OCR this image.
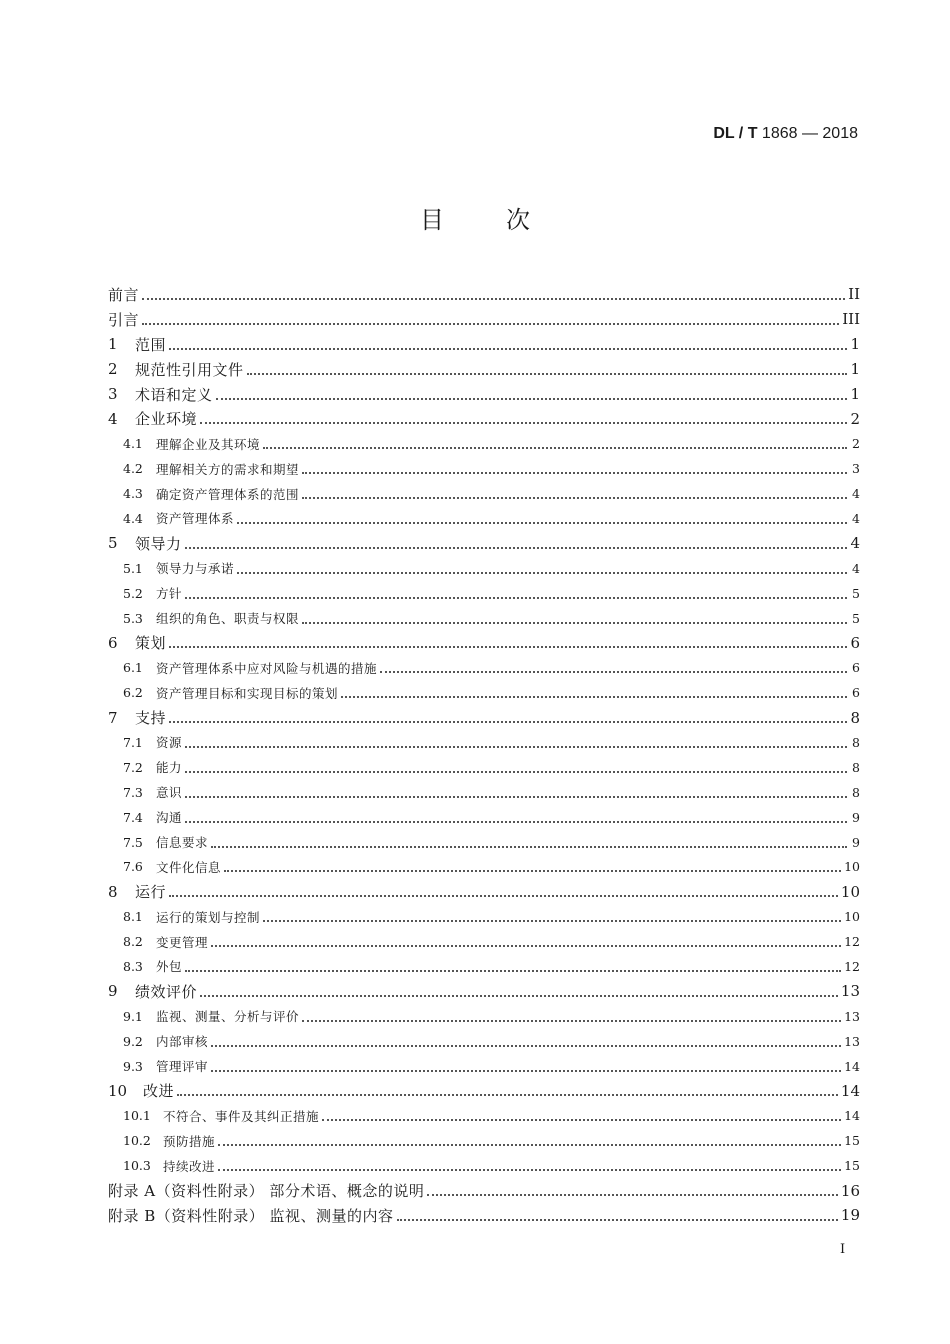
DL / T 1868 — 2018
目次
前言	II
引言	III
1	范围	1
2	规范性引用文件	1
3	术语和定义	1
4	企业环境	2
4.1	理解企业及其环境	2
4.2	理解相关方的需求和期望	3
4.3	确定资产管理体系的范围	4
4.4	资产管理体系	4
5	领导力	4
5.1	领导力与承诺	4
5.2	方针	5
5.3	组织的角色、职责与权限	5
6	策划	6
6.1	资产管理体系中应对风险与机遇的措施	6
6.2	资产管理目标和实现目标的策划	6
7	支持	8
7.1	资源	8
7.2	能力	8
7.3	意识	8
7.4	沟通	9
7.5	信息要求	9
7.6	文件化信息	10
8	运行	10
8.1	运行的策划与控制	10
8.2	变更管理	12
8.3	外包	12
9	绩效评价	13
9.1	监视、测量、分析与评价	13
9.2	内部审核	13
9.3	管理评审	14
10	改进	14
10.1 不符合、事件及其纠正措施	14
10.2 预防措施	15
10.3 持续改进	15
附录 A（资料性附录） 部分术语、概念的说明	16
附录 B（资料性附录） 监视、测量的内容	19
I
